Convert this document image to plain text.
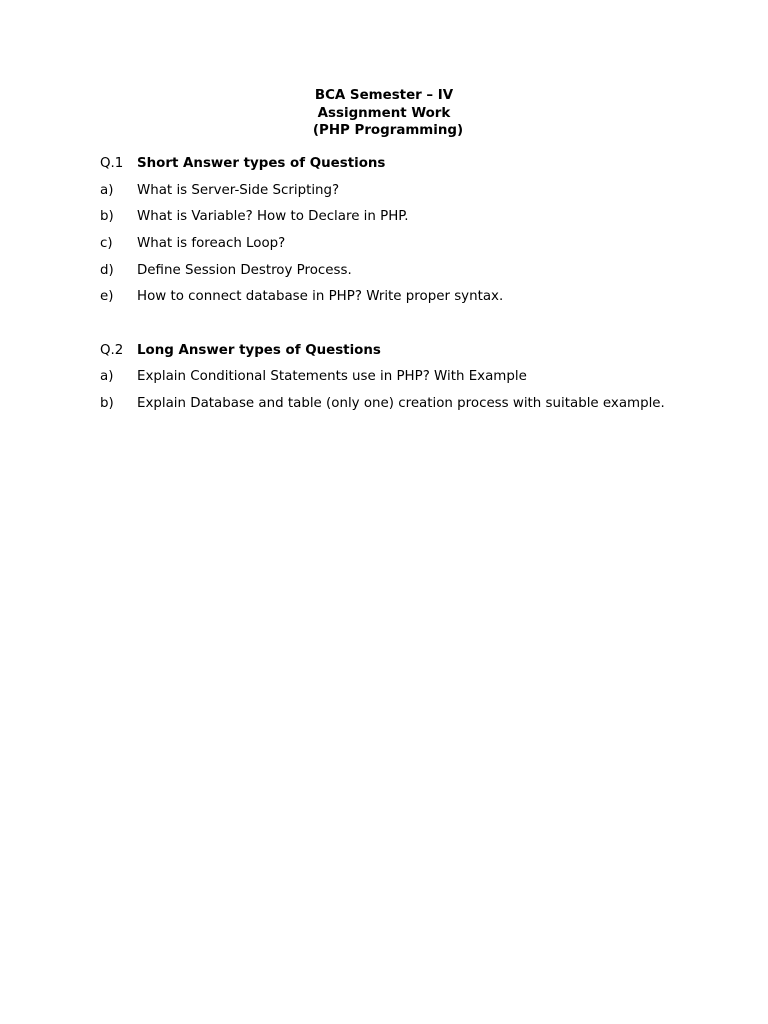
BCA Semester – IV
Assignment Work
(PHP Programming)
Q.1 Short Answer types of Questions
a) What is Server-Side Scripting?
b) What is Variable? How to Declare in PHP.
c) What is foreach Loop?
d) Define Session Destroy Process.
e) How to connect database in PHP? Write proper syntax.
Q.2 Long Answer types of Questions
a) Explain Conditional Statements use in PHP? With Example
b) Explain Database and table (only one) creation process with suitable example.
